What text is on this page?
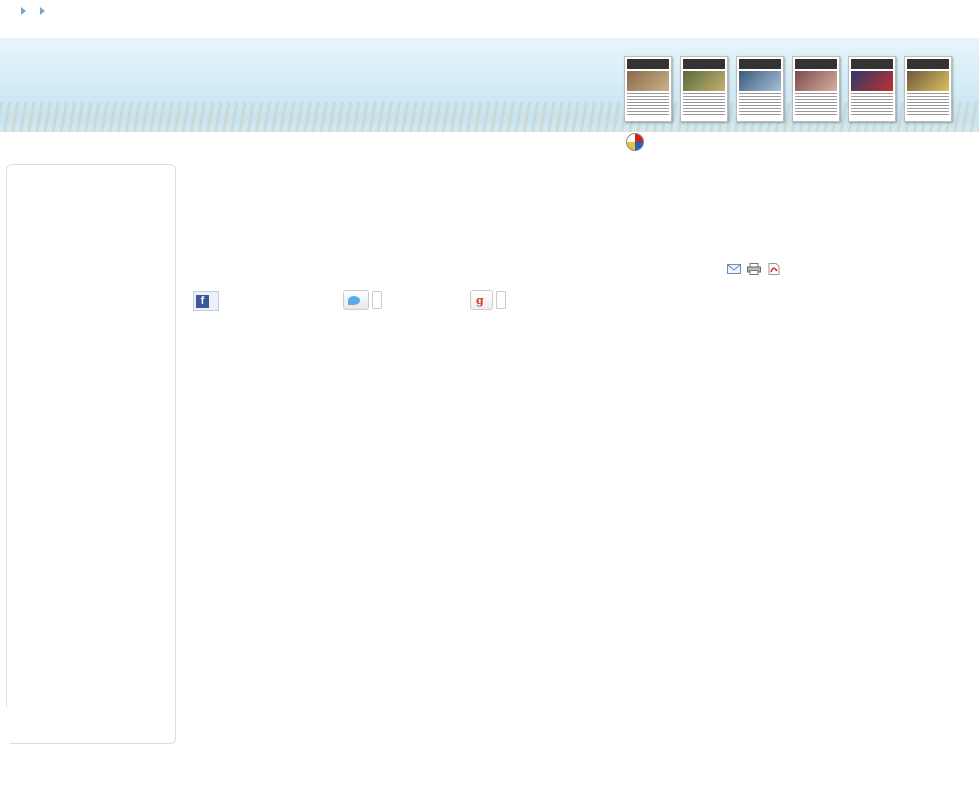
f	g
